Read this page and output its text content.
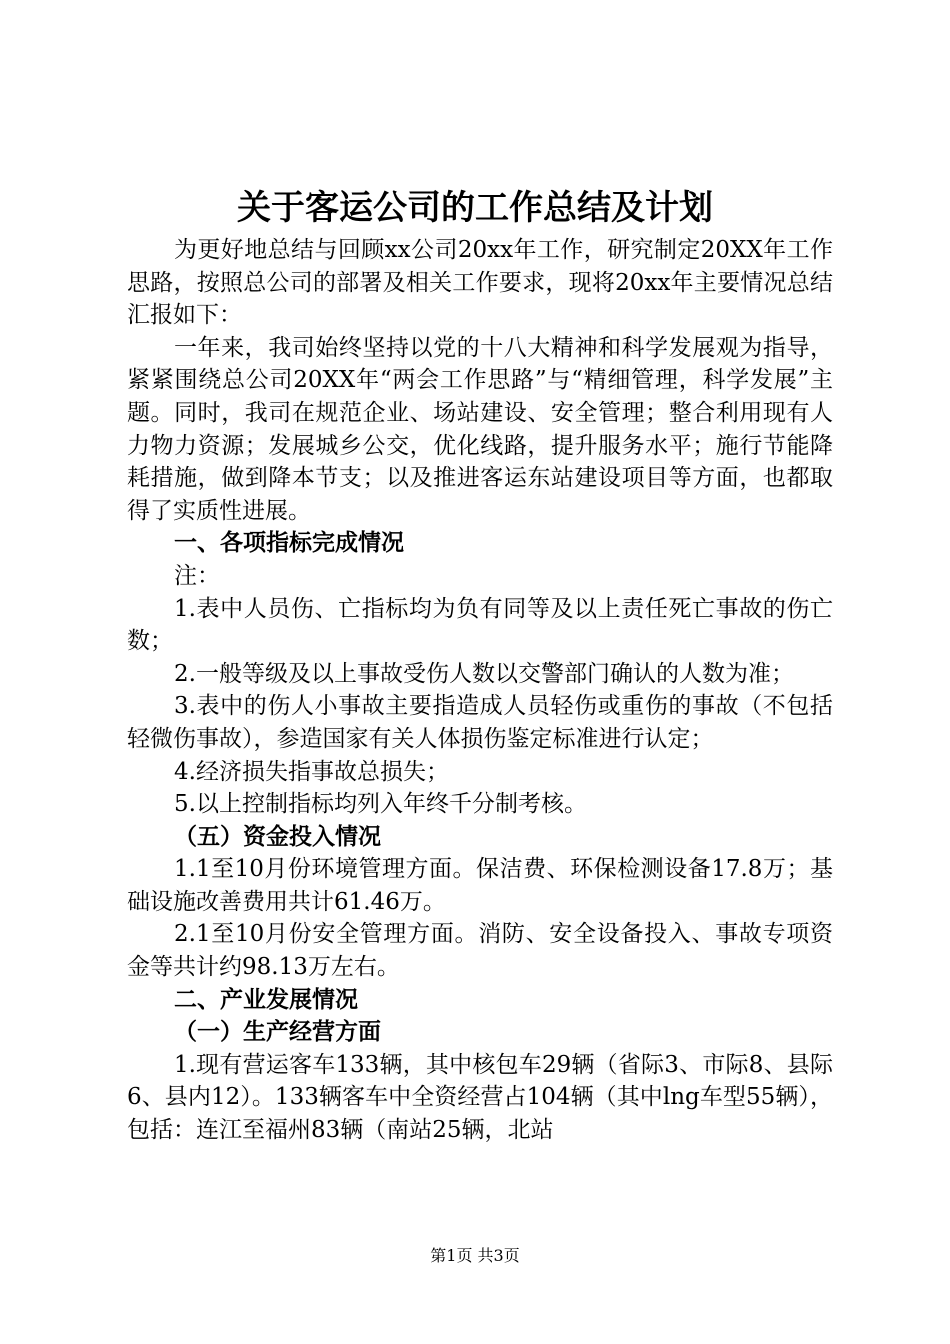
关于客运公司的工作总结及计划

为更好地总结与回顾xx公司20xx年工作，研究制定20XX年工作思路，按照总公司的部署及相关工作要求，现将20xx年主要情况总结汇报如下：

一年来，我司始终坚持以党的十八大精神和科学发展观为指导，紧紧围绕总公司20XX年“两会工作思路”与“精细管理，科学发展”主题。同时，我司在规范企业、场站建设、安全管理；整合利用现有人力物力资源；发展城乡公交，优化线路，提升服务水平；施行节能降耗措施，做到降本节支；以及推进客运东站建设项目等方面，也都取得了实质性进展。

一、各项指标完成情况

注：

1.表中人员伤、亡指标均为负有同等及以上责任死亡事故的伤亡数；

2.一般等级及以上事故受伤人数以交警部门确认的人数为准；

3.表中的伤人小事故主要指造成人员轻伤或重伤的事故（不包括轻微伤事故），参造国家有关人体损伤鉴定标准进行认定；

4.经济损失指事故总损失；

5.以上控制指标均列入年终千分制考核。

（五）资金投入情况

1.1至10月份环境管理方面。保洁费、环保检测设备17.8万；基础设施改善费用共计61.46万。

2.1至10月份安全管理方面。消防、安全设备投入、事故专项资金等共计约98.13万左右。

二、产业发展情况

（一）生产经营方面

1.现有营运客车133辆，其中核包车29辆（省际3、市际8、县际6、县内12）。133辆客车中全资经营占104辆（其中lng车型55辆），包括：连江至福州83辆（南站25辆，北站

第1页 共3页
